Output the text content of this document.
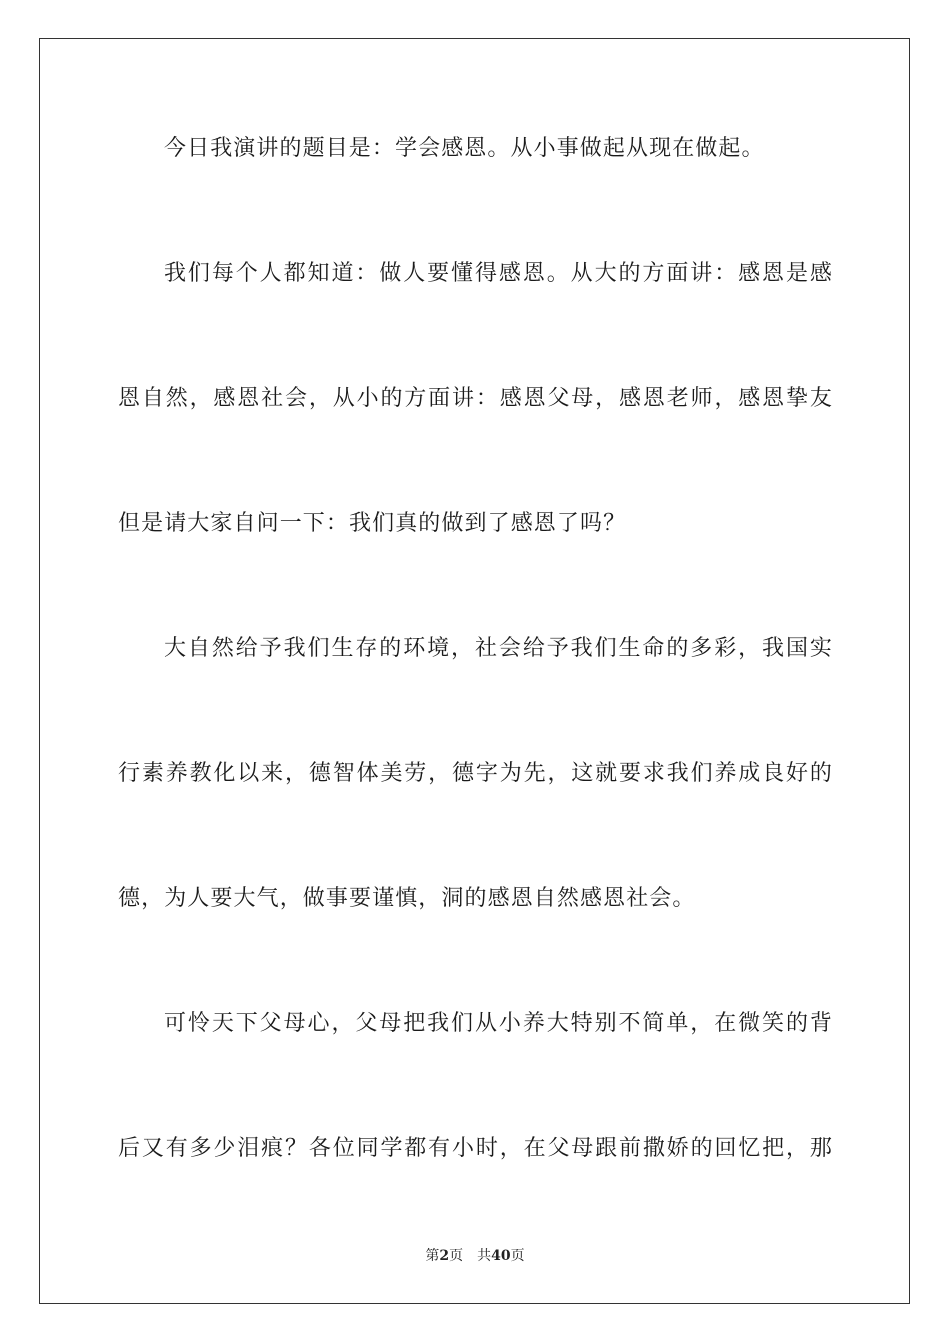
今日我演讲的题目是：学会感恩。从小事做起从现在做起。
我们每个人都知道：做人要懂得感恩。从大的方面讲：感恩是感
恩自然，感恩社会，从小的方面讲：感恩父母，感恩老师，感恩挚友
但是请大家自问一下：我们真的做到了感恩了吗？
大自然给予我们生存的环境，社会给予我们生命的多彩，我国实
行素养教化以来，德智体美劳，德字为先，这就要求我们养成良好的
德，为人要大气，做事要谨慎，洞的感恩自然感恩社会。
可怜天下父母心，父母把我们从小养大特别不简单，在微笑的背
后又有多少泪痕？各位同学都有小时，在父母跟前撒娇的回忆把，那
第2页 共40页
